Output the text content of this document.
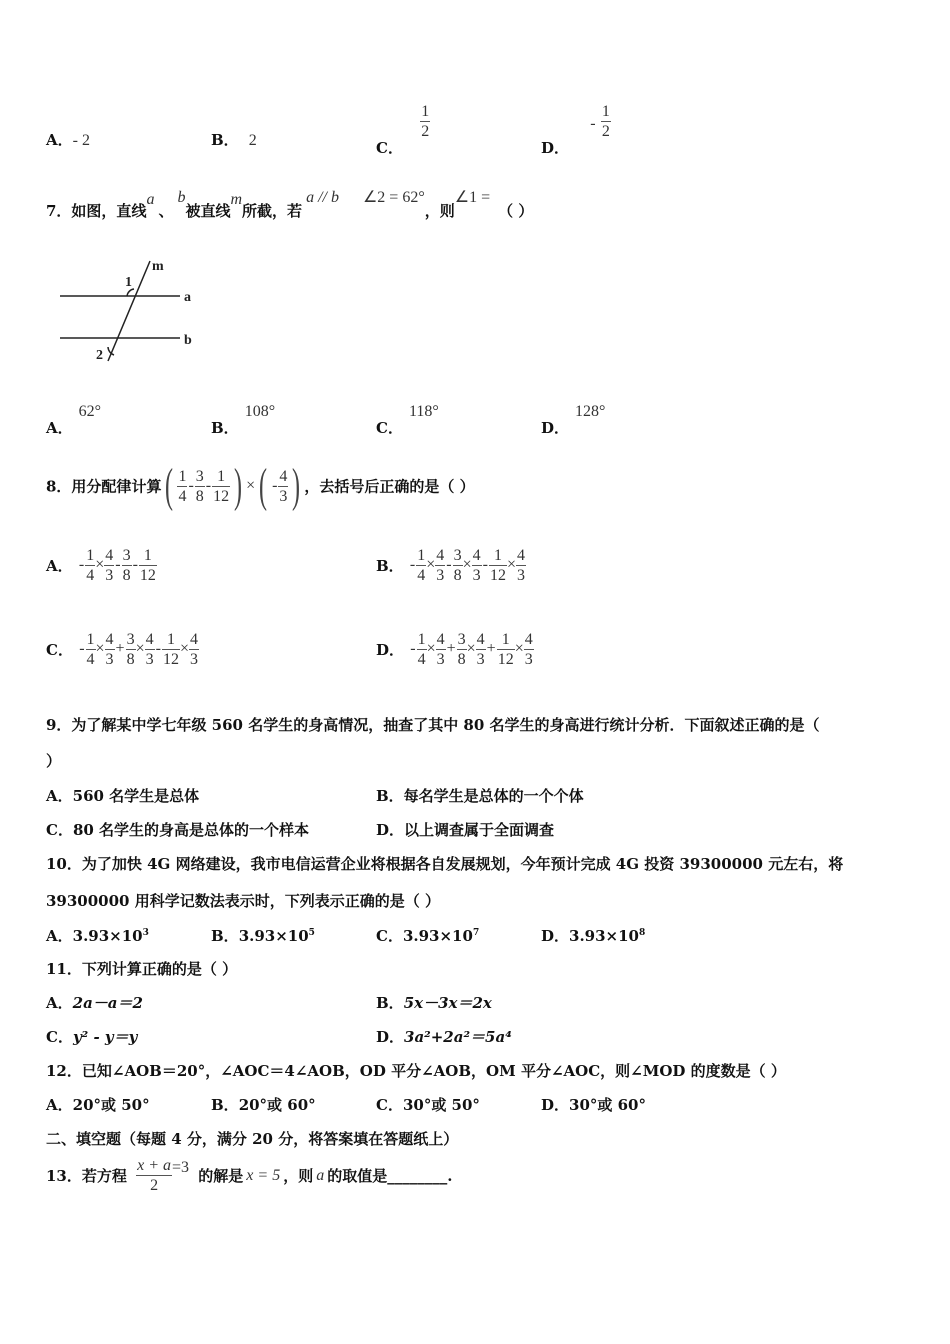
A．- 2	B． 2	C．
$\frac{1}{2}$
D． - $\frac{1}{2}$
7．如图，直线a、b被直线m所截，若a // b ∠2 = 62°，则∠1 =（ ）
1
2
a
b
m
A．62°
B．108°
C．118°
D．128°
8．用分配律计算( $\frac{1}{4} - \frac{3}{8} - \frac{1}{12}$ ) ×( - $\frac{4}{3}$ ) ，去括号后正确的是（ ）
A． - $\frac{1}{4} \times \frac{4}{3} - \frac{3}{8} - \frac{1}{12}$	B． - $\frac{1}{4} \times \frac{4}{3} - \frac{3}{8} \times \frac{4}{3} - \frac{1}{12} \times \frac{4}{3}$
C． - $\frac{1}{4} \times \frac{4}{3} + \frac{3}{8} \times \frac{4}{3} - \frac{1}{12} \times \frac{4}{3}$	D． - $\frac{1}{4} \times \frac{4}{3} + \frac{3}{8} \times \frac{4}{3} + \frac{1}{12} \times \frac{4}{3}$
9．为了解某中学七年级 560 名学生的身高情况，抽查了其中 80 名学生的身高进行统计分析．下面叙述正确的是（
）
A．560 名学生是总体	B．每名学生是总体的一个个体
C．80 名学生的身高是总体的一个样本	D．以上调查属于全面调查
10．为了加快 4G 网络建设，我市电信运营企业将根据各自发展规划，今年预计完成 4G 投资 39300000 元左右，将
39300000 用科学记数法表示时，下列表示正确的是（ ）
A．$3.93\times 10^3$	B．$3.93\times 10^5$	C．$3.93\times 10^7$	D．$3.93\times 10^8$
11．下列计算正确的是（ ）
A．2a－a＝2	B．5x－3x＝2x
C．y² - y＝y	D．3a²+2a²＝5a⁴
12．已知∠AOB＝20°，∠AOC＝4∠AOB，OD 平分∠AOB，OM 平分∠AOC，则∠MOD 的度数是（ ）
A．20°或 50°	B．20°或 60°	C．30°或 50°	D．30°或 60°
二、填空题（每题 4 分，满分 20 分，将答案填在答题纸上）
13．若方程 $\frac{x + a}{2} =3$ 的解是 x = 5 ，则 a 的取值是________.
